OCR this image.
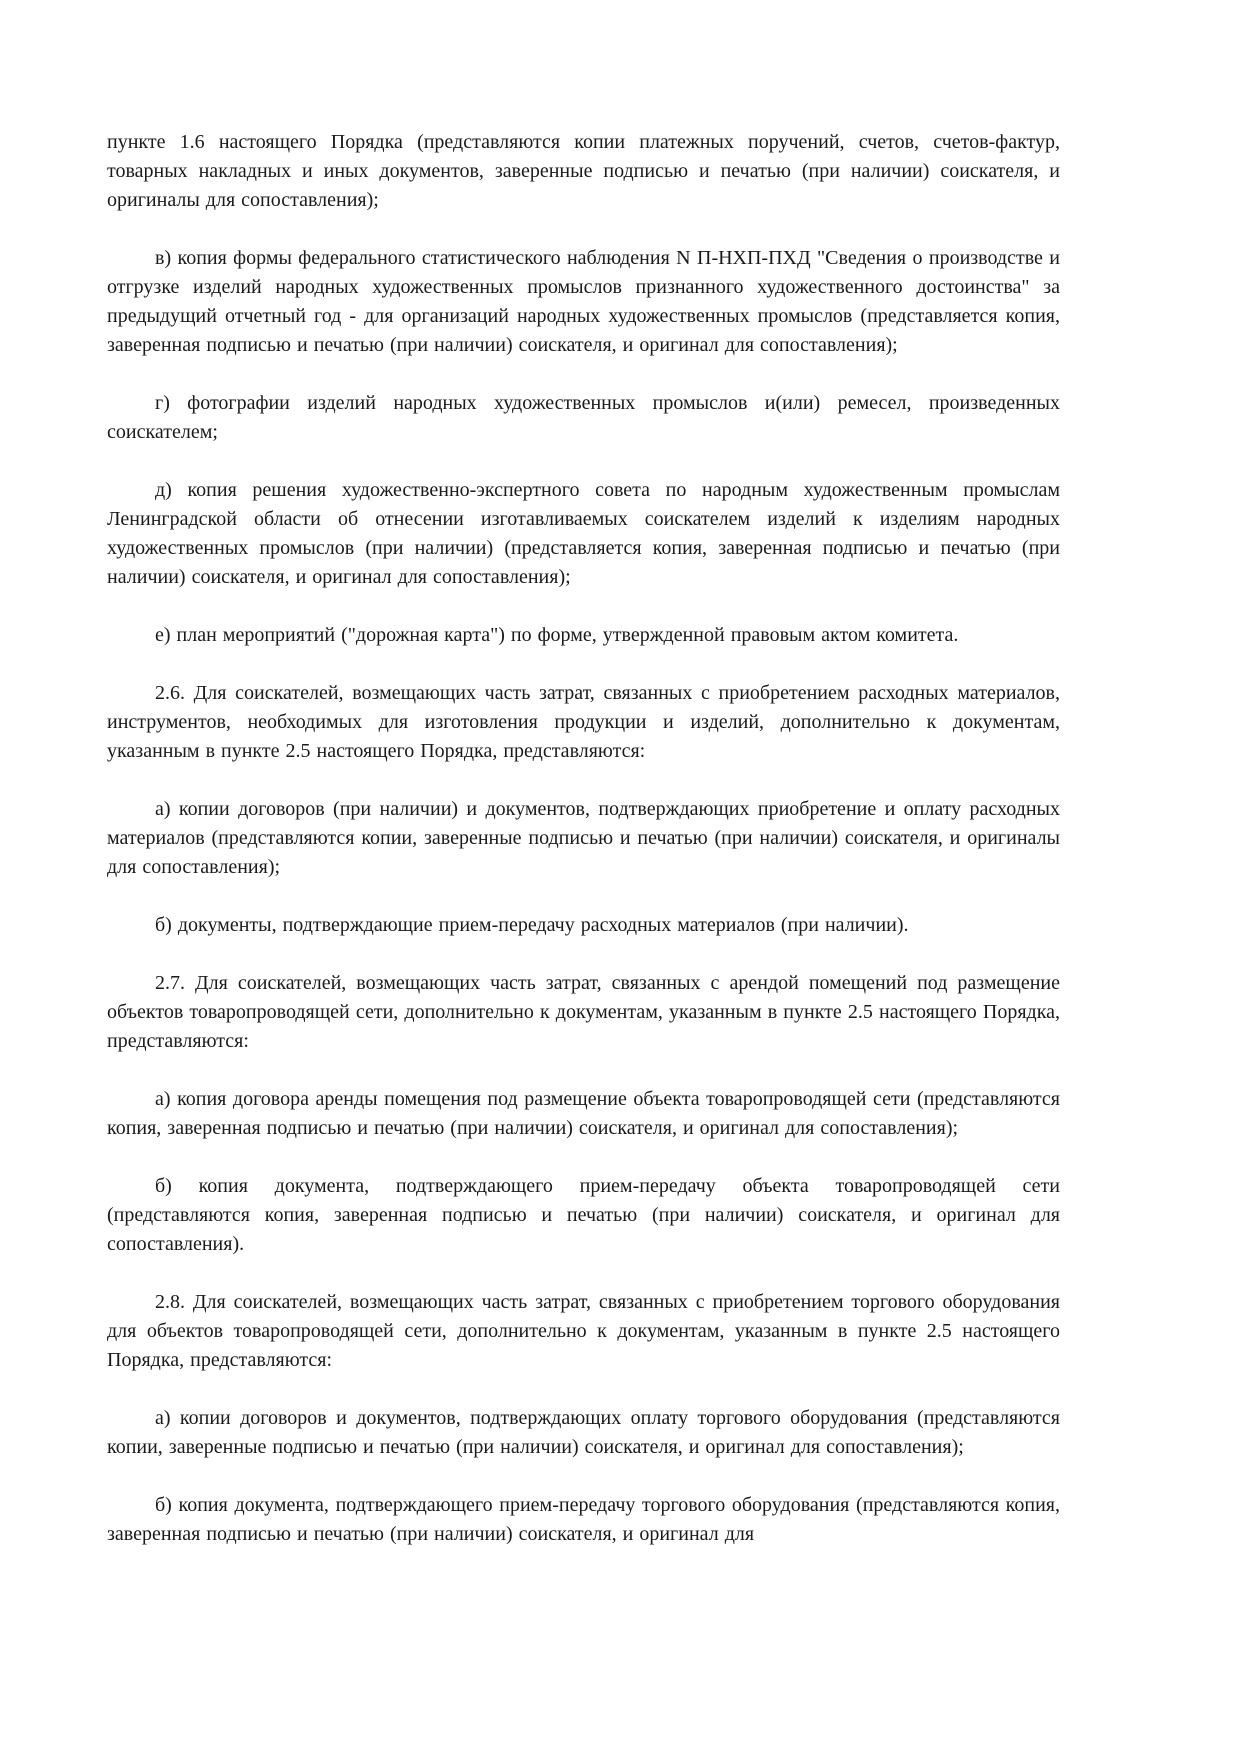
пункте 1.6 настоящего Порядка (представляются копии платежных поручений, счетов, счетов-фактур, товарных накладных и иных документов, заверенные подписью и печатью (при наличии) соискателя, и оригиналы для сопоставления);

в) копия формы федерального статистического наблюдения N П-НХП-ПХД "Сведения о производстве и отгрузке изделий народных художественных промыслов признанного художественного достоинства" за предыдущий отчетный год - для организаций народных художественных промыслов (представляется копия, заверенная подписью и печатью (при наличии) соискателя, и оригинал для сопоставления);

г) фотографии изделий народных художественных промыслов и(или) ремесел, произведенных соискателем;

д) копия решения художественно-экспертного совета по народным художественным промыслам Ленинградской области об отнесении изготавливаемых соискателем изделий к изделиям народных художественных промыслов (при наличии) (представляется копия, заверенная подписью и печатью (при наличии) соискателя, и оригинал для сопоставления);

е) план мероприятий ("дорожная карта") по форме, утвержденной правовым актом комитета.

2.6. Для соискателей, возмещающих часть затрат, связанных с приобретением расходных материалов, инструментов, необходимых для изготовления продукции и изделий, дополнительно к документам, указанным в пункте 2.5 настоящего Порядка, представляются:

а) копии договоров (при наличии) и документов, подтверждающих приобретение и оплату расходных материалов (представляются копии, заверенные подписью и печатью (при наличии) соискателя, и оригиналы для сопоставления);

б) документы, подтверждающие прием-передачу расходных материалов (при наличии).

2.7. Для соискателей, возмещающих часть затрат, связанных с арендой помещений под размещение объектов товаропроводящей сети, дополнительно к документам, указанным в пункте 2.5 настоящего Порядка, представляются:

а) копия договора аренды помещения под размещение объекта товаропроводящей сети (представляются копия, заверенная подписью и печатью (при наличии) соискателя, и оригинал для сопоставления);

б) копия документа, подтверждающего прием-передачу объекта товаропроводящей сети (представляются копия, заверенная подписью и печатью (при наличии) соискателя, и оригинал для сопоставления).

2.8. Для соискателей, возмещающих часть затрат, связанных с приобретением торгового оборудования для объектов товаропроводящей сети, дополнительно к документам, указанным в пункте 2.5 настоящего Порядка, представляются:

а) копии договоров и документов, подтверждающих оплату торгового оборудования (представляются копии, заверенные подписью и печатью (при наличии) соискателя, и оригинал для сопоставления);

б) копия документа, подтверждающего прием-передачу торгового оборудования (представляются копия, заверенная подписью и печатью (при наличии) соискателя, и оригинал для
